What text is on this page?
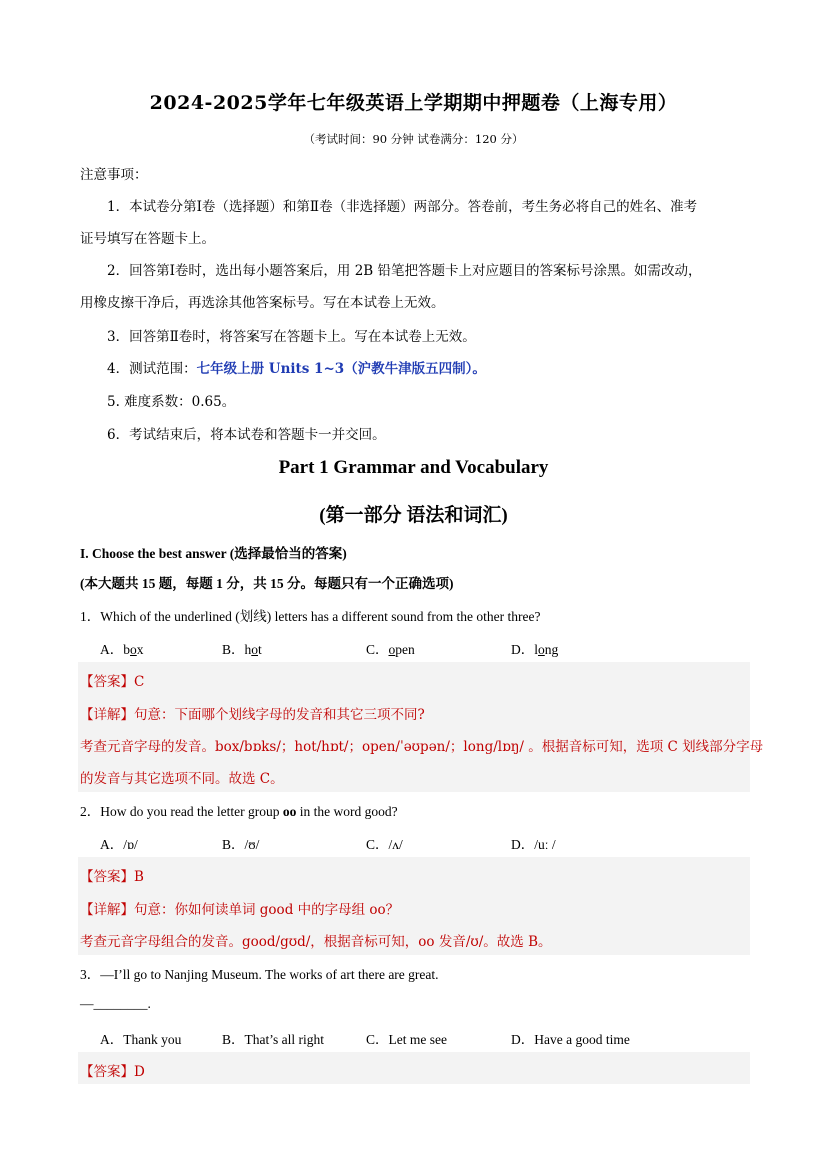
2024-2025学年七年级英语上学期期中押题卷（上海专用）
（考试时间：90 分钟 试卷满分：120 分）
注意事项：
1．本试卷分第Ⅰ卷（选择题）和第Ⅱ卷（非选择题）两部分。答卷前，考生务必将自己的姓名、准考
证号填写在答题卡上。
2．回答第Ⅰ卷时，选出每小题答案后，用 2B 铅笔把答题卡上对应题目的答案标号涂黑。如需改动，
用橡皮擦干净后，再选涂其他答案标号。写在本试卷上无效。
3．回答第Ⅱ卷时，将答案写在答题卡上。写在本试卷上无效。
4．测试范围：七年级上册 Units 1~3（沪教牛津版五四制）。
5. 难度系数：0.65。
6．考试结束后，将本试卷和答题卡一并交回。
Part 1 Grammar and Vocabulary
(第一部分 语法和词汇)
I. Choose the best answer (选择最恰当的答案)
(本大题共 15 题，每题 1 分，共 15 分。每题只有一个正确选项)
1．Which of the underlined (划线) letters has a different sound from the other three?
A．box	B．hot	C．open	D．long
【答案】C
【详解】句意：下面哪个划线字母的发音和其它三项不同?
考查元音字母的发音。box/bɒks/；hot/hɒt/；open/ˈəʊpən/；long/lɒŋ/ 。根据音标可知，选项 C 划线部分字母
的发音与其它选项不同。故选 C。
2．How do you read the letter group oo in the word good?
A．/ɒ/	B．/ʊ/	C．/ʌ/	D．/uː /
【答案】B
【详解】句意：你如何读单词 good 中的字母组 oo？
考查元音字母组合的发音。good/gʊd/，根据音标可知，oo 发音/ʊ/。故选 B。
3．—I’ll go to Nanjing Museum. The works of art there are great.
—________.
A．Thank you	B．That’s all right	C．Let me see	D．Have a good time
【答案】D
